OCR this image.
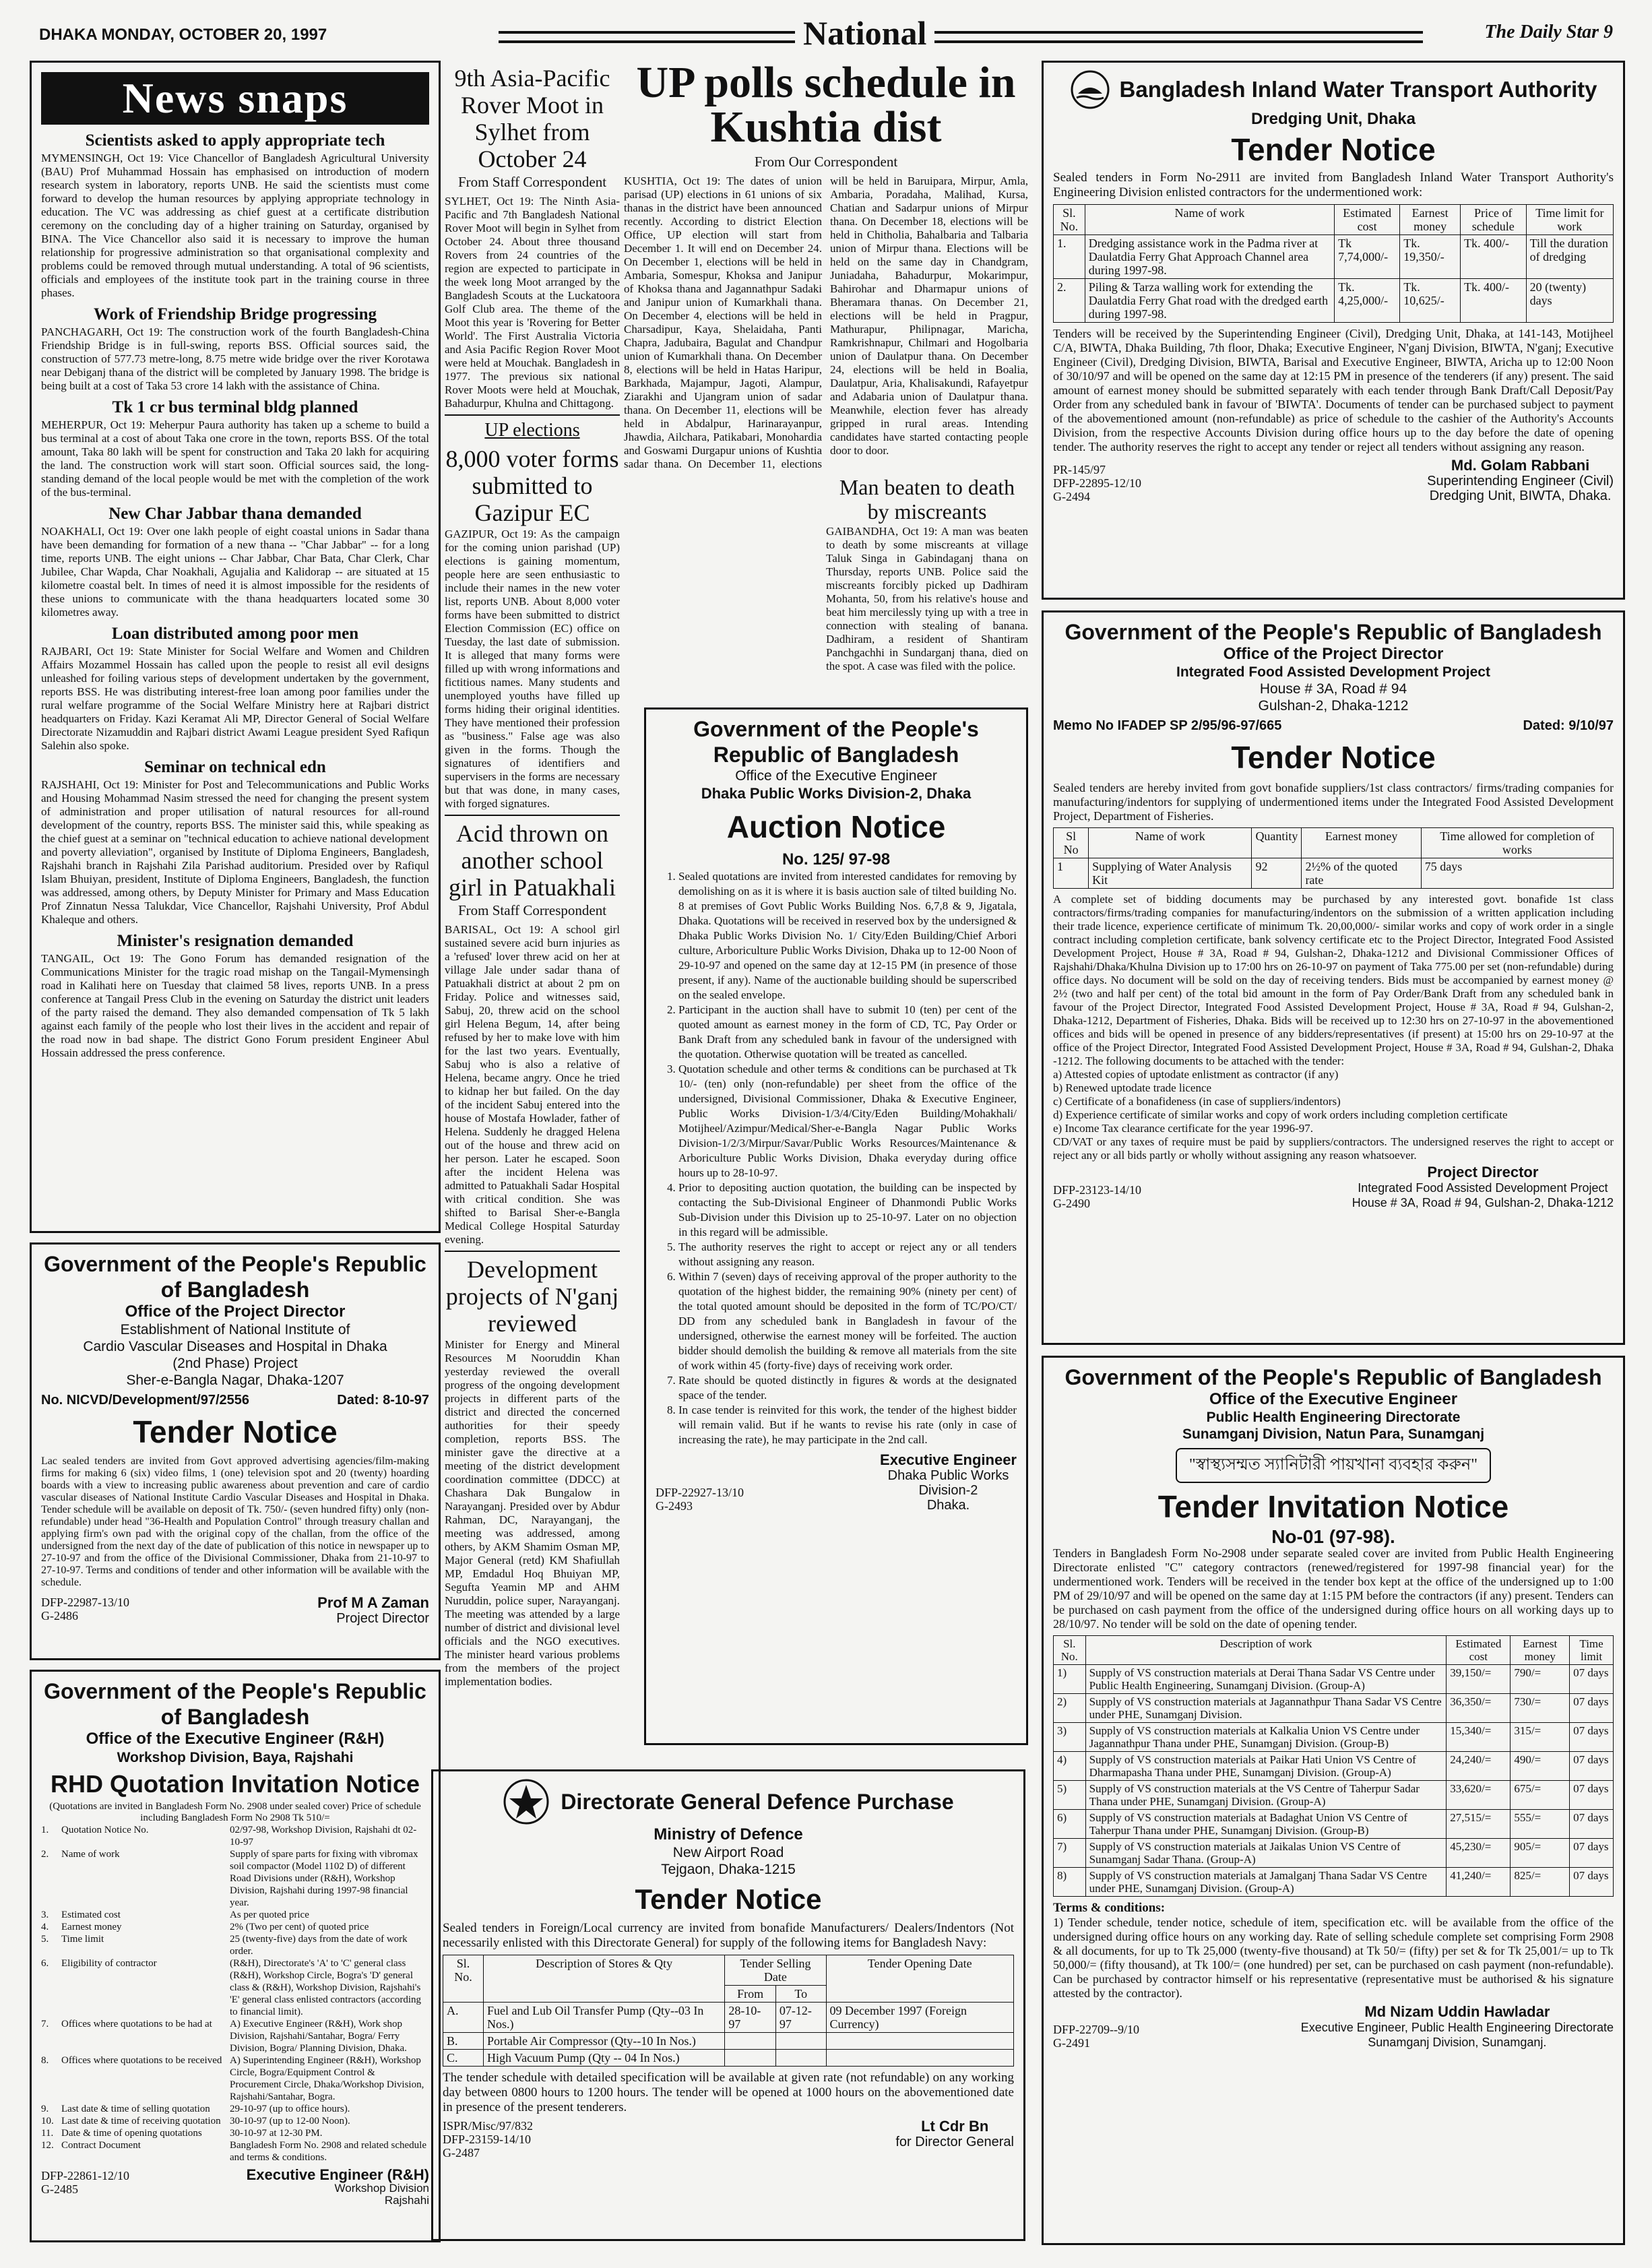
DHAKA MONDAY, OCTOBER 20, 1997	National	The Daily Star 9
News snaps
Scientists asked to apply appropriate tech

MYMENSINGH, Oct 19: Vice Chancellor of Bangladesh Agricultural University (BAU) Prof Muhammad Hossain has emphasised on introduction of modern research system in laboratory, reports UNB. He said the scientists must come forward to develop the human resources by applying appropriate technology in education. The VC was addressing as chief guest at a certificate distribution ceremony on the concluding day of a higher training on Saturday, organised by BINA. The Vice Chancellor also said it is necessary to improve the human relationship for progressive administration so that organisational complexity and problems could be removed through mutual understanding. A total of 96 scientists, officials and employees of the institute took part in the training course in three phases.

Work of Friendship Bridge progressing

PANCHAGARH, Oct 19: The construction work of the fourth Bangladesh-China Friendship Bridge is in full-swing, reports BSS. Official sources said, the construction of 577.73 metre-long, 8.75 metre wide bridge over the river Korotawa near Debiganj thana of the district will be completed by January 1998. The bridge is being built at a cost of Taka 53 crore 14 lakh with the assistance of China.

Tk 1 cr bus terminal bldg planned

MEHERPUR, Oct 19: Meherpur Paura authority has taken up a scheme to build a bus terminal at a cost of about Taka one crore in the town, reports BSS. Of the total amount, Taka 80 lakh will be spent for construction and Taka 20 lakh for acquiring the land. The construction work will start soon. Official sources said, the long-standing demand of the local people would be met with the completion of the work of the bus-terminal.

New Char Jabbar thana demanded

NOAKHALI, Oct 19: Over one lakh people of eight coastal unions in Sadar thana have been demanding for formation of a new thana -- "Char Jabbar" -- for a long time, reports UNB. The eight unions -- Char Jabbar, Char Bata, Char Clerk, Char Jubilee, Char Wapda, Char Noakhali, Agujalia and Kalidorap -- are situated at 15 kilometre coastal belt. In times of need it is almost impossible for the residents of these unions to communicate with the thana headquarters located some 30 kilometres away.

Loan distributed among poor men

RAJBARI, Oct 19: State Minister for Social Welfare and Women and Children Affairs Mozammel Hossain has called upon the people to resist all evil designs unleashed for foiling various steps of development undertaken by the government, reports BSS. He was distributing interest-free loan among poor families under the rural welfare programme of the Social Welfare Ministry here at Rajbari district headquarters on Friday. Kazi Keramat Ali MP, Director General of Social Welfare Directorate Nizamuddin and Rajbari district Awami League president Syed Rafiqun Salehin also spoke.

Seminar on technical edn

RAJSHAHI, Oct 19: Minister for Post and Telecommunications and Public Works and Housing Mohammad Nasim stressed the need for changing the present system of administration and proper utilisation of natural resources for all-round development of the country, reports BSS. The minister said this, while speaking as the chief guest at a seminar on "technical education to achieve national development and poverty alleviation", organised by Institute of Diploma Engineers, Bangladesh, Rajshahi branch in Rajshahi Zila Parishad auditorium. Presided over by Rafiqul Islam Bhuiyan, president, Institute of Diploma Engineers, Bangladesh, the function was addressed, among others, by Deputy Minister for Primary and Mass Education Prof Zinnatun Nessa Talukdar, Vice Chancellor, Rajshahi University, Prof Abdul Khaleque and others.

Minister's resignation demanded

TANGAIL, Oct 19: The Gono Forum has demanded resignation of the Communications Minister for the tragic road mishap on the Tangail-Mymensingh road in Kalihati here on Tuesday that claimed 58 lives, reports UNB. In a press conference at Tangail Press Club in the evening on Saturday the district unit leaders of the party raised the demand. They also demanded compensation of Tk 5 lakh against each family of the people who lost their lives in the accident and repair of the road now in bad shape. The district Gono Forum president Engineer Abul Hossain addressed the press conference.

Government of the People's Republic of Bangladesh
Office of the Project Director
Establishment of National Institute of
Cardio Vascular Diseases and Hospital in Dhaka
(2nd Phase) Project
Sher-e-Bangla Nagar, Dhaka-1207
No. NICVD/Development/97/2556	Dated: 8-10-97
Tender Notice

Lac sealed tenders are invited from Govt approved advertising agencies/film-making firms for making 6 (six) video films, 1 (one) television spot and 20 (twenty) hoarding boards with a view to increasing public awareness about prevention and care of cardio vascular diseases of National Institute Cardio Vascular Diseases and Hospital in Dhaka. Tender schedule will be available on deposit of Tk. 750/- (seven hundred fifty) only (non-refundable) under head "36-Health and Population Control" through treasury challan and applying firm's own pad with the original copy of the challan, from the office of the undersigned from the next day of the date of publication of this notice in newspaper up to 27-10-97 and from the office of the Divisional Commissioner, Dhaka from 21-10-97 to 27-10-97. Terms and conditions of tender and other information will be available with the schedule.

DFP-22987-13/10
G-2486
Prof M A Zaman
Project Director
Government of the People's Republic of Bangladesh
Office of the Executive Engineer (R&H)
Workshop Division, Baya, Rajshahi
RHD Quotation Invitation Notice

(Quotations are invited in Bangladesh Form No. 2908 under sealed cover) Price of schedule including Bangladesh Form No 2908 Tk 510/=

1.	Quotation Notice No.	02/97-98, Workshop Division, Rajshahi dt 02-10-97
2.	Name of work	Supply of spare parts for fixing with vibromax soil compactor (Model 1102 D) of different Road Divisions under (R&H), Workshop Division, Rajshahi during 1997-98 financial year.
3.	Estimated cost	As per quoted price
4.	Earnest money	2% (Two per cent) of quoted price
5.	Time limit	25 (twenty-five) days from the date of work order.
6.	Eligibility of contractor	(R&H), Directorate's 'A' to 'C' general class (R&H), Workshop Circle, Bogra's 'D' general class & (R&H), Workshop Division, Rajshahi's 'E' general class enlisted contractors (according to financial limit).
7.	Offices where quotations to be had at	A) Executive Engineer (R&H), Work shop Division, Rajshahi/Santahar, Bogra/ Ferry Division, Bogra/ Planning Division, Dhaka.
8.	Offices where quotations to be received A) Superintending Engineer (R&H), Workshop Circle, Bogra/Equipment Control & Procurement Circle, Dhaka/Workshop Division, Rajshahi/Santahar, Bogra.
9.	Last date & time of selling quotation	29-10-97 (up to office hours).
10. Last date & time of receiving quotation 30-10-97 (up to 12-00 Noon).
11. Date & time of opening quotations	30-10-97 at 12-30 PM.
12. Contract Document	Bangladesh Form No. 2908 and related schedule and terms & conditions.
DFP-22861-12/10
G-2485
Executive Engineer (R&H)
Workshop Division
Rajshahi
9th Asia-Pacific Rover Moot in Sylhet from October 24
From Staff Correspondent

SYLHET, Oct 19: The Ninth Asia-Pacific and 7th Bangladesh National Rover Moot will begin in Sylhet from October 24. About three thousand Rovers from 24 countries of the region are expected to participate in the week long Moot arranged by the Bangladesh Scouts at the Luckatoora Golf Club area. The theme of the Moot this year is 'Rovering for Better World'. The First Australia Victoria and Asia Pacific Region Rover Moot were held at Mouchak. Bangladesh in 1977. The previous six national Rover Moots were held at Mouchak, Bahadurpur, Khulna and Chittagong.

UP elections
8,000 voter forms submitted to Gazipur EC

GAZIPUR, Oct 19: As the campaign for the coming union parishad (UP) elections is gaining momentum, people here are seen enthusiastic to include their names in the new voter list, reports UNB. About 8,000 voter forms have been submitted to district Election Commission (EC) office on Tuesday, the last date of submission. It is alleged that many forms were filled up with wrong informations and fictitious names. Many students and unemployed youths have filled up forms hiding their original identities. They have mentioned their profession as "business." False age was also given in the forms. Though the signatures of identifiers and supervisers in the forms are necessary but that was done, in many cases, with forged signatures.

Acid thrown on another school girl in Patuakhali
From Staff Correspondent

BARISAL, Oct 19: A school girl sustained severe acid burn injuries as a 'refused' lover threw acid on her at village Jale under sadar thana of Patuakhali district at about 2 pm on Friday. Police and witnesses said, Sabuj, 20, threw acid on the school girl Helena Begum, 14, after being refused by her to make love with him for the last two years. Eventually, Sabuj who is also a relative of Helena, became angry. Once he tried to kidnap her but failed. On the day of the incident Sabuj entered into the house of Mostafa Howlader, father of Helena. Suddenly he dragged Helena out of the house and threw acid on her person. Later he escaped. Soon after the incident Helena was admitted to Patuakhali Sadar Hospital with critical condition. She was shifted to Barisal Sher-e-Bangla Medical College Hospital Saturday evening.

Development projects of N'ganj reviewed

Minister for Energy and Mineral Resources M Nooruddin Khan yesterday reviewed the overall progress of the ongoing development projects in different parts of the district and directed the concerned authorities for their speedy completion, reports BSS. The minister gave the directive at a meeting of the district development coordination committee (DDCC) at Chashara Dak Bungalow in Narayanganj. Presided over by Abdur Rahman, DC, Narayanganj, the meeting was addressed, among others, by AKM Shamim Osman MP, Major General (retd) KM Shafiullah MP, Emdadul Hoq Bhuiyan MP, Segufta Yeamin MP and AHM Nuruddin, police super, Narayanganj. The meeting was attended by a large number of district and divisional level officials and the NGO executives. The minister heard various problems from the members of the project implementation bodies.

UP polls schedule in Kushtia dist
From Our Correspondent

KUSHTIA, Oct 19: The dates of union parisad (UP) elections in 61 unions of six thanas in the district have been announced recently. According to district Election Office, UP election will start from December 1. It will end on December 24. On December 1, elections will be held in Ambaria, Somespur, Khoksa and Janipur of Khoksa thana and Jagannathpur Sadaki and Janipur union of Kumarkhali thana. On December 4, elections will be held in Charsadipur, Kaya, Shelaidaha, Panti Chapra, Jadubaira, Bagulat and Chandpur union of Kumarkhali thana. On December 8, elections will be held in Hatas Haripur, Barkhada, Majampur, Jagoti, Alampur, Ziarakhi and Ujangram union of sadar thana. On December 11, elections will be held in Abdalpur, Harinarayanpur, Jhawdia, Ailchara, Patikabari, Monohardia and Goswami Durgapur unions of Kushtia sadar thana. On December 11, elections will be held in Baruipara, Mirpur, Amla, Ambaria, Poradaha, Malihad, Kursa, Chatian and Sadarpur unions of Mirpur thana. On December 18, elections will be held in Chitholia, Bahalbaria and Talbaria union of Mirpur thana. Elections will be held on the same day in Chandgram, Juniadaha, Bahadurpur, Mokarimpur, Bahirohar and Dharmapur unions of Bheramara thanas. On December 21, elections will be held in Pragpur, Mathurapur, Philipnagar, Maricha, Ramkrishnapur, Chilmari and Hogolbaria union of Daulatpur thana. On December 24, elections will be held in Boalia, Daulatpur, Aria, Khalisakundi, Rafayetpur and Adabaria union of Daulatpur thana. Meanwhile, election fever has already gripped in rural areas. Intending candidates have started contacting people door to door.

Man beaten to death by miscreants

GAIBANDHA, Oct 19: A man was beaten to death by some miscreants at village Taluk Singa in Gabindaganj thana on Thursday, reports UNB. Police said the miscreants forcibly picked up Dadhiram Mohanta, 50, from his relative's house and beat him mercilessly tying up with a tree in connection with stealing of banana. Dadhiram, a resident of Shantiram Panchgachhi in Sundarganj thana, died on the spot. A case was filed with the police.

Government of the People's Republic of Bangladesh
Office of the Executive Engineer
Dhaka Public Works Division-2, Dhaka
Auction Notice
No. 125/ 97-98
1. Sealed quotations are invited from interested candidates for removing by demolishing on as it is where it is basis auction sale of tilted building No. 8 at premises of Govt Public Works Building Nos. 6,7,8 & 9, Jigatala, Dhaka. Quotations will be received in reserved box by the undersigned & Dhaka Public Works Division No. 1/ City/Eden Building/Chief Arbori culture, Arboriculture Public Works Division, Dhaka up to 12-00 Noon of 29-10-97 and opened on the same day at 12-15 PM (in presence of those present, if any). Name of the auctionable building should be superscribed on the sealed envelope.
2. Participant in the auction shall have to submit 10 (ten) per cent of the quoted amount as earnest money in the form of CD, TC, Pay Order or Bank Draft from any scheduled bank in favour of the undersigned with the quotation. Otherwise quotation will be treated as cancelled.
3. Quotation schedule and other terms & conditions can be purchased at Tk 10/- (ten) only (non-refundable) per sheet from the office of the undersigned, Divisional Commissioner, Dhaka & Executive Engineer, Public Works Division-1/3/4/City/Eden Building/Mohakhali/ Motijheel/Azimpur/Medical/Sher-e-Bangla Nagar Public Works Division-1/2/3/Mirpur/Savar/Public Works Resources/Maintenance & Arboriculture Public Works Division, Dhaka everyday during office hours up to 28-10-97.
4. Prior to depositing auction quotation, the building can be inspected by contacting the Sub-Divisional Engineer of Dhanmondi Public Works Sub-Division under this Division up to 25-10-97. Later on no objection in this regard will be admissible.
5. The authority reserves the right to accept or reject any or all tenders without assigning any reason.
6. Within 7 (seven) days of receiving approval of the proper authority to the quotation of the highest bidder, the remaining 90% (ninety per cent) of the total quoted amount should be deposited in the form of TC/PO/CT/ DD from any scheduled bank in Bangladesh in favour of the undersigned, otherwise the earnest money will be forfeited. The auction bidder should demolish the building & remove all materials from the site of work within 45 (forty-five) days of receiving work order.
7. Rate should be quoted distinctly in figures & words at the designated space of the tender.
8. In case tender is reinvited for this work, the tender of the highest bidder will remain valid. But if he wants to revise his rate (only in case of increasing the rate), he may participate in the 2nd call.
DFP-22927-13/10
G-2493
Executive Engineer
Dhaka Public Works
Division-2
Dhaka.
Directorate General Defence Purchase
Ministry of Defence
New Airport Road
Tejgaon, Dhaka-1215
Tender Notice

Sealed tenders in Foreign/Local currency are invited from bonafide Manufacturers/ Dealers/Indentors (Not necessarily enlisted with this Directorate General) for supply of the following items for Bangladesh Navy:

Sl. No.	Description of Stores & Qty	Tender Selling Date		Tender Opening Date
		From	To	
A.	Fuel and Lub Oil Transfer Pump (Qty--03 In Nos.)	28-10-97	07-12-97	09 December 1997 (Foreign Currency)
B.	Portable Air Compressor (Qty--10 In Nos.)			
C.	High Vacuum Pump (Qty -- 04 In Nos.)			

The tender schedule with detailed specification will be available at given rate (not refundable) on any working day between 0800 hours to 1200 hours. The tender will be opened at 1000 hours on the abovementioned date in presence of the present tenderers.

ISPR/Misc/97/832
DFP-23159-14/10
G-2487
Lt Cdr Bn
for Director General
Bangladesh Inland Water Transport Authority
Dredging Unit, Dhaka
Tender Notice

Sealed tenders in Form No-2911 are invited from Bangladesh Inland Water Transport Authority's Engineering Division enlisted contractors for the undermentioned work:

Sl. No.	Name of work	Estimated cost	Earnest money	Price of schedule	Time limit for work
1.	Dredging assistance work in the Padma river at Daulatdia Ferry Ghat Approach Channel area during 1997-98.	Tk 7,74,000/-	Tk. 19,350/-	Tk. 400/-	Till the duration of dredging
2.	Piling & Tarza walling work for extending the Daulatdia Ferry Ghat road with the dredged earth during 1997-98.	Tk. 4,25,000/-	Tk. 10,625/-	Tk. 400/-	20 (twenty) days

Tenders will be received by the Superintending Engineer (Civil), Dredging Unit, Dhaka, at 141-143, Motijheel C/A, BIWTA, Dhaka Building, 7th floor, Dhaka; Executive Engineer, N'ganj Division, BIWTA, N'ganj; Executive Engineer (Civil), Dredging Division, BIWTA, Barisal and Executive Engineer, BIWTA, Aricha up to 12:00 Noon of 30/10/97 and will be opened on the same day at 12:15 PM in presence of the tenderers (if any) present. The said amount of earnest money should be submitted separately with each tender through Bank Draft/Call Deposit/Pay Order from any scheduled bank in favour of 'BIWTA'. Documents of tender can be purchased subject to payment of the abovementioned amount (non-refundable) as price of schedule to the cashier of the Authority's Accounts Division, from the respective Accounts Division during office hours up to the day before the date of opening tender. The authority reserves the right to accept any tender or reject all tenders without assigning any reason.

PR-145/97
DFP-22895-12/10
G-2494
Md. Golam Rabbani
Superintending Engineer (Civil)
Dredging Unit, BIWTA, Dhaka.
Government of the People's Republic of Bangladesh
Office of the Project Director
Integrated Food Assisted Development Project
House # 3A, Road # 94
Gulshan-2, Dhaka-1212
Memo No IFADEP SP 2/95/96-97/665	Dated: 9/10/97
Tender Notice

Sealed tenders are hereby invited from govt bonafide suppliers/1st class contractors/ firms/trading companies for manufacturing/indentors for supplying of undermentioned items under the Integrated Food Assisted Development Project, Department of Fisheries.

Sl No	Name of work	Quantity	Earnest money	Time allowed for completion of works
1	Supplying of Water Analysis Kit	92	2½% of the quoted rate	75 days

A complete set of bidding documents may be purchased by any interested govt. bonafide 1st class contractors/firms/trading companies for manufacturing/indentors on the submission of a written application including their trade licence, experience certificate of minimum Tk. 20,00,000/- similar works and copy of work order in a single contract including completion certificate, bank solvency certificate etc to the Project Director, Integrated Food Assisted Development Project, House # 3A, Road # 94, Gulshan-2, Dhaka-1212 and Divisional Commissioner Offices of Rajshahi/Dhaka/Khulna Division up to 17:00 hrs on 26-10-97 on payment of Taka 775.00 per set (non-refundable) during office days. No document will be sold on the day of receiving tenders. Bids must be accompanied by earnest money @ 2½ (two and half per cent) of the total bid amount in the form of Pay Order/Bank Draft from any scheduled bank in favour of the Project Director, Integrated Food Assisted Development Project, House # 3A, Road # 94, Gulshan-2, Dhaka-1212, Department of Fisheries, Dhaka. Bids will be received up to 12:30 hrs on 27-10-97 in the abovementioned offices and bids will be opened in presence of any bidders/representatives (if present) at 15:00 hrs on 29-10-97 at the office of the Project Director, Integrated Food Assisted Development Project, House # 3A, Road # 94, Gulshan-2, Dhaka -1212. The following documents to be attached with the tender:

a) Attested copies of uptodate enlistment as contractor (if any)
b) Renewed uptodate trade licence
c) Certificate of a bonafideness (in case of suppliers/indentors)
d) Experience certificate of similar works and copy of work orders including completion certificate
e) Income Tax clearance certificate for the year 1996-97.

CD/VAT or any taxes of require must be paid by suppliers/contractors. The undersigned reserves the right to accept or reject any or all bids partly or wholly without assigning any reason whatsoever.

DFP-23123-14/10
G-2490
Project Director
Integrated Food Assisted Development Project
House # 3A, Road # 94, Gulshan-2, Dhaka-1212
Government of the People's Republic of Bangladesh
Office of the Executive Engineer
Public Health Engineering Directorate
Sunamganj Division, Natun Para, Sunamganj
"স্বাস্থ্যসম্মত স্যানিটারী পায়খানা ব্যবহার করুন"
Tender Invitation Notice
No-01 (97-98).

Tenders in Bangladesh Form No-2908 under separate sealed cover are invited from Public Health Engineering Directorate enlisted "C" category contractors (renewed/registered for 1997-98 financial year) for the undermentioned work. Tenders will be received in the tender box kept at the office of the undersigned up to 1:00 PM of 29/10/97 and will be opened on the same day at 1:15 PM before the contractors (if any) present. Tenders can be purchased on cash payment from the office of the undersigned during office hours on all working days up to 28/10/97. No tender will be sold on the date of opening tender.

Sl. No.	Description of work	Estimated cost	Earnest money	Time limit
1)	Supply of VS construction materials at Derai Thana Sadar VS Centre under Public Health Engineering, Sunamganj Division. (Group-A)	39,150/=	790/=	07 days
2)	Supply of VS construction materials at Jagannathpur Thana Sadar VS Centre under PHE, Sunamganj Division.	36,350/=	730/=	07 days
3)	Supply of VS construction materials at Kalkalia Union VS Centre under Jagannathpur Thana under PHE, Sunamganj Division. (Group-B)	15,340/=	315/=	07 days
4)	Supply of VS construction materials at Paikar Hati Union VS Centre of Dharmapasha Thana under PHE, Sunamganj Division. (Group-A)	24,240/=	490/=	07 days
5)	Supply of VS construction materials at the VS Centre of Taherpur Sadar Thana under PHE, Sunamganj Division. (Group-A)	33,620/=	675/=	07 days
6)	Supply of VS construction materials at Badaghat Union VS Centre of Taherpur Thana under PHE, Sunamganj Division. (Group-B)	27,515/=	555/=	07 days
7)	Supply of VS construction materials at Jaikalas Union VS Centre of Sunamganj Sadar Thana. (Group-A)	45,230/=	905/=	07 days
8)	Supply of VS construction materials at Jamalganj Thana Sadar VS Centre under PHE, Sunamganj Division. (Group-A)	41,240/=	825/=	07 days
Terms & conditions:

1) Tender schedule, tender notice, schedule of item, specification etc. will be available from the office of the undersigned during office hours on any working day. Rate of selling schedule complete set comprising Form 2908 & all documents, for up to Tk 25,000 (twenty-five thousand) at Tk 50/= (fifty) per set & for Tk 25,001/= up to Tk 50,000/= (fifty thousand), at Tk 100/= (one hundred) per set, can be purchased on cash payment (non-refundable). Can be purchased by contractor himself or his representative (representative must be authorised & his signature attested by the contractor).

DFP-22709--9/10
G-2491
Md Nizam Uddin Hawladar
Executive Engineer, Public Health Engineering Directorate
Sunamganj Division, Sunamganj.
